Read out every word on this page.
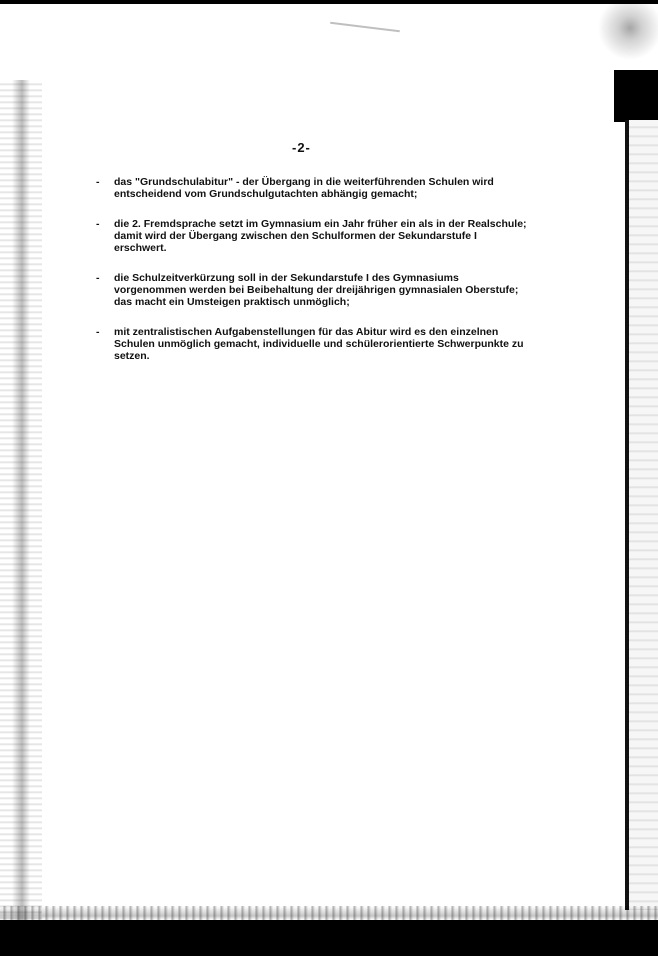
-2-
-	das "Grundschulabitur" - der Übergang in die weiterführenden Schulen wird
entscheidend vom Grundschulgutachten abhängig gemacht;
-	die 2. Fremdsprache setzt im Gymnasium ein Jahr früher ein als in der Realschule;
damit wird der Übergang zwischen den Schulformen der Sekundarstufe I
erschwert.
-	die Schulzeitverkürzung soll in der Sekundarstufe I des Gymnasiums
vorgenommen werden bei Beibehaltung der dreijährigen gymnasialen Oberstufe;
das macht ein Umsteigen praktisch unmöglich;
-	mit zentralistischen Aufgabenstellungen für das Abitur wird es den einzelnen
Schulen unmöglich gemacht, individuelle und schülerorientierte Schwerpunkte zu
setzen.
